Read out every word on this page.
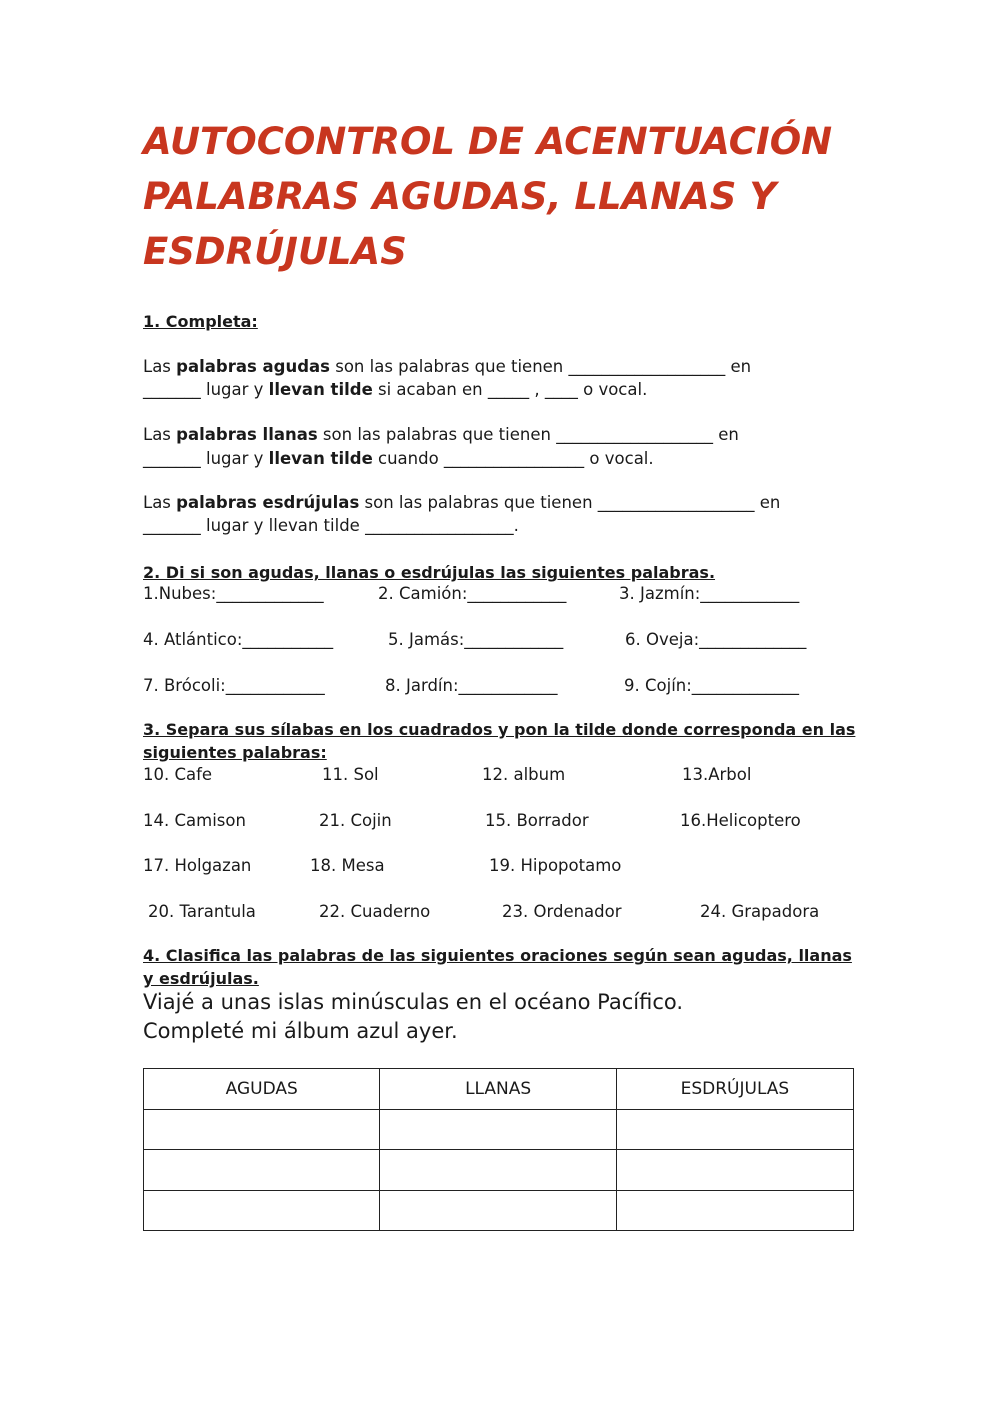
AUTOCONTROL DE ACENTUACIÓN
PALABRAS AGUDAS, LLANAS Y
ESDRÚJULAS
1. Completa:
Las palabras agudas son las palabras que tienen ___________________ en
_______ lugar y llevan tilde si acaban en _____ , ____ o vocal.
Las palabras llanas son las palabras que tienen ___________________ en
_______ lugar y llevan tilde cuando _________________ o vocal.
Las palabras esdrújulas son las palabras que tienen ___________________ en
_______ lugar y llevan tilde __________________.
2. Di si son agudas, llanas o esdrújulas las siguientes palabras.
1.Nubes:_____________	2. Camión:____________	3. Jazmín:____________
4. Atlántico:___________	5. Jamás:____________	6. Oveja:_____________
7. Brócoli:____________	8. Jardín:____________	9. Cojín:_____________
3. Separa sus sílabas en los cuadrados y pon la tilde donde corresponda en las
siguientes palabras:
10. Cafe	11. Sol	12. album	13.Arbol
14. Camison	21. Cojin	15. Borrador	16.Helicoptero
17. Holgazan	18. Mesa	19. Hipopotamo
20. Tarantula	22. Cuaderno	23. Ordenador	24. Grapadora
4. Clasifica las palabras de las siguientes oraciones según sean agudas, llanas
y esdrújulas.
Viajé a unas islas minúsculas en el océano Pacífico.
Completé mi álbum azul ayer.
AGUDAS	LLANAS	ESDRÚJULAS
